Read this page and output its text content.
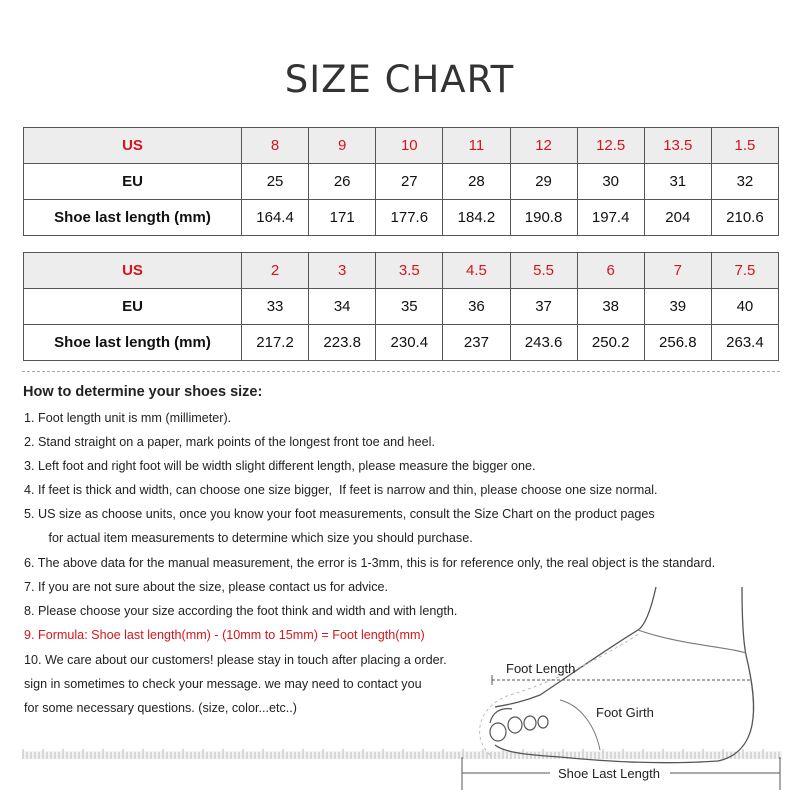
SIZE CHART
US	8	9	10	11	12	12.5	13.5	1.5
EU	25	26	27	28	29	30	31	32
Shoe last length (mm)	164.4	171	177.6	184.2	190.8	197.4	204	210.6
US	2	3	3.5	4.5	5.5	6	7	7.5
EU	33	34	35	36	37	38	39	40
Shoe last length (mm)	217.2	223.8	230.4	237	243.6	250.2	256.8	263.4
How to determine your shoes size:
1. Foot length unit is mm (millimeter).
2. Stand straight on a paper, mark points of the longest front toe and heel.
3. Left foot and right foot will be width slight different length, please measure the bigger one.
4. If feet is thick and width, can choose one size bigger,  If feet is narrow and thin, please choose one size normal.
5. US size as choose units, once you know your foot measurements, consult the Size Chart on the product pages
for actual item measurements to determine which size you should purchase.
6. The above data for the manual measurement, the error is 1-3mm, this is for reference only, the real object is the standard.
7. If you are not sure about the size, please contact us for advice.
8. Please choose your size according the foot think and width and with length.
9. Formula: Shoe last length(mm) - (10mm to 15mm) = Foot length(mm)
10. We care about our customers! please stay in touch after placing a order.
sign in sometimes to check your message. we may need to contact you
for some necessary questions. (size, color...etc..)
Foot Length
Foot Girth
Shoe Last Length
